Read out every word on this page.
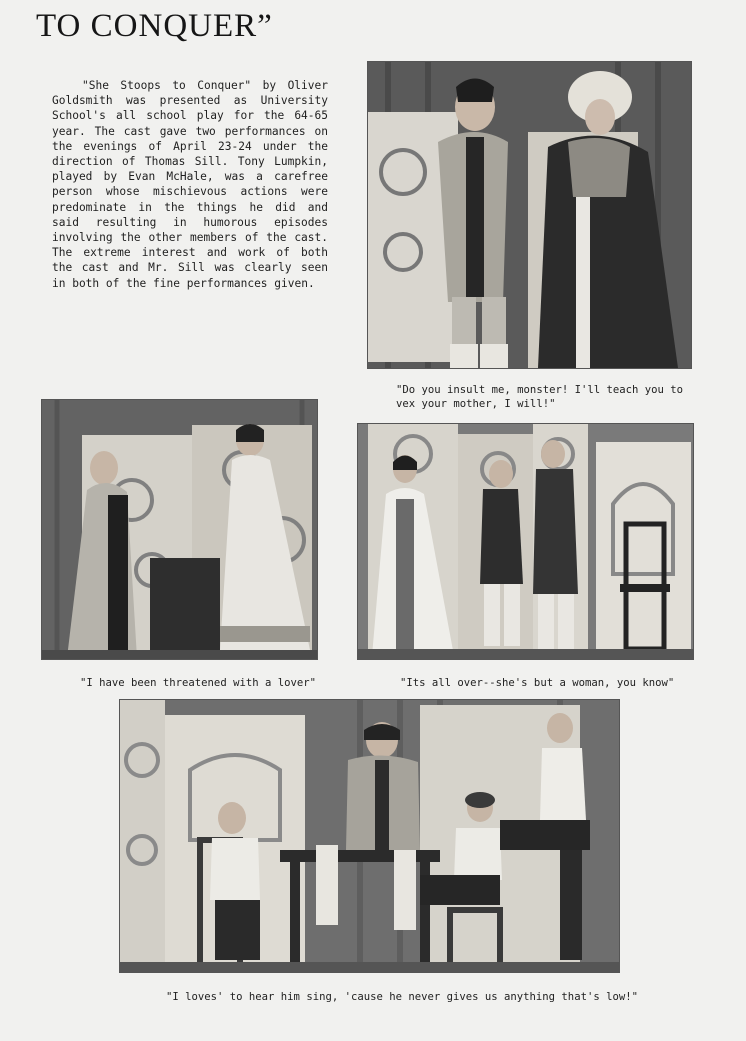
TO CONQUER”

"She Stoops to Conquer" by Oliver Goldsmith was presented as University School's all school play for the 64-65 year. The cast gave two performances on the evenings of April 23-24 under the direction of Thomas Sill. Tony Lumpkin, played by Evan McHale, was a carefree person whose mischievous actions were predominate in the things he did and said resulting in humorous episodes involving the other members of the cast. The extreme interest and work of both the cast and Mr. Sill was clearly seen in both of the fine performances given.

"Do you insult me, monster! I'll teach you to vex your mother, I will!"

"I have been threatened with a lover"	"Its all over--she's but a woman, you know"

"I loves' to hear him sing, 'cause he never gives us anything that's low!"
